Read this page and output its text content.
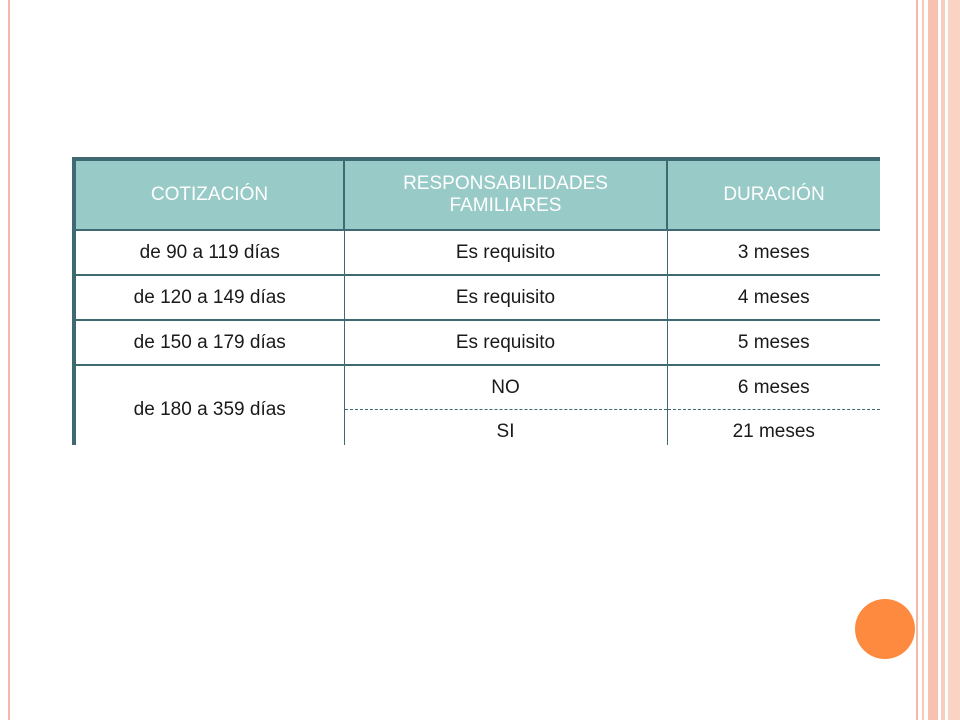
COTIZACIÓN	RESPONSABILIDADES FAMILIARES	DURACIÓN
de 90 a 119 días	Es requisito	3 meses
de 120 a 149 días	Es requisito	4 meses
de 150 a 179 días	Es requisito	5 meses
de 180 a 359 días	NO	6 meses
	SI	21 meses
